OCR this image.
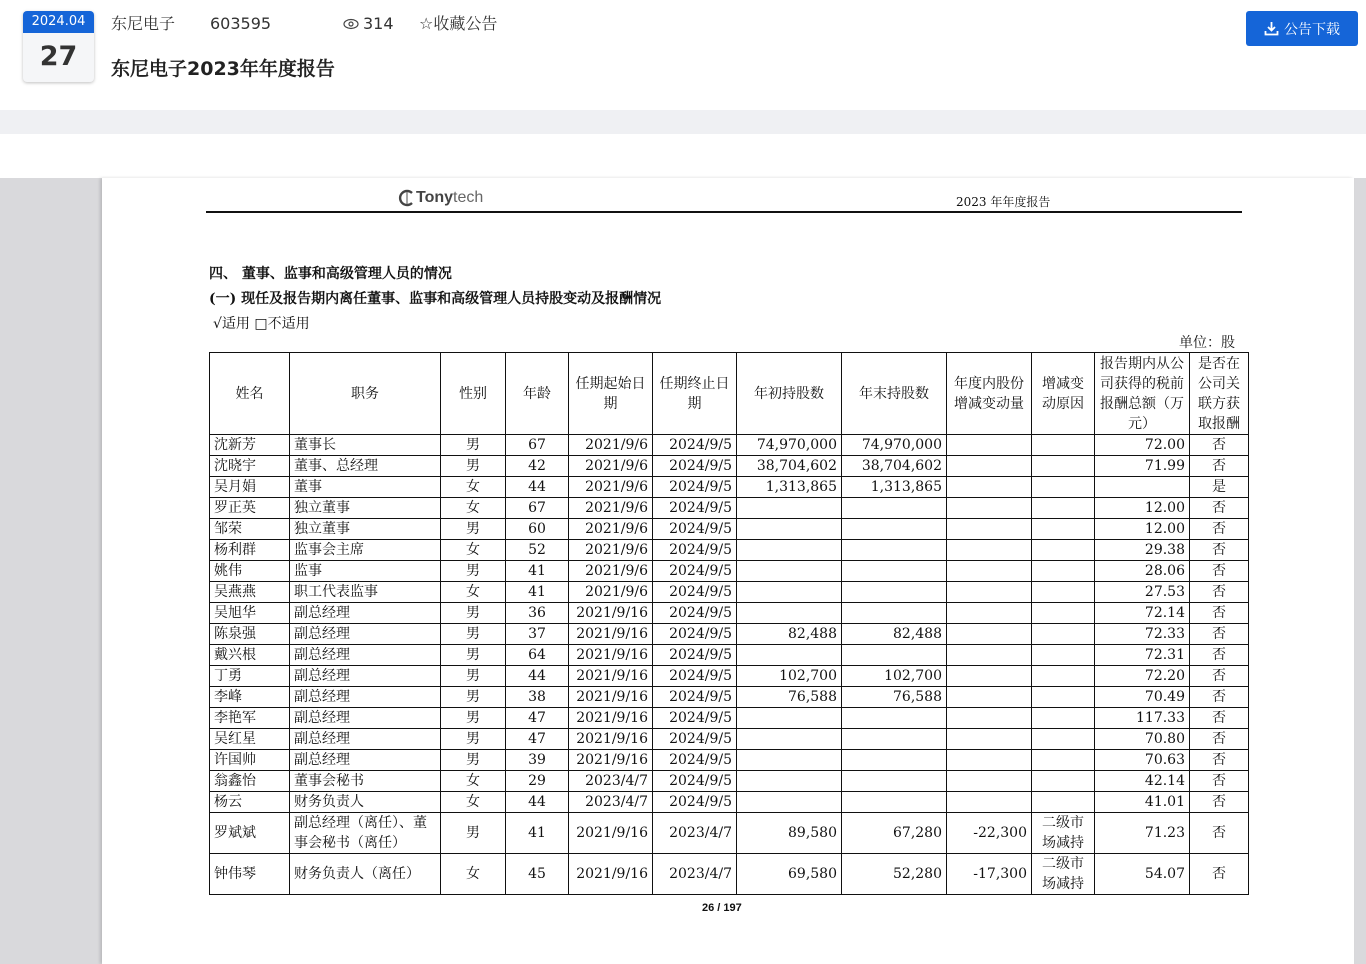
2024.04
27
东尼电子 603595	314 ☆收藏公告
东尼电子2023年年度报告
公告下载
Tony tech	2023 年年度报告
四、 董事、监事和高级管理人员的情况
(一) 现任及报告期内离任董事、监事和高级管理人员持股变动及报酬情况
√适用 □不适用
单位：股
姓名	职务	性别	年龄	任期起始日期	任期终止日期	年初持股数	年末持股数	年度内股份增减变动量	增减变动原因	报告期内从公司获得的税前报酬总额（万元）	是否在公司关联方获取报酬
沈新芳	董事长	男	67	2021/9/6	2024/9/5	74,970,000	74,970,000			72.00	否
沈晓宇	董事、总经理	男	42	2021/9/6	2024/9/5	38,704,602	38,704,602			71.99	否
吴月娟	董事	女	44	2021/9/6	2024/9/5	1,313,865	1,313,865				是
罗正英	独立董事	女	67	2021/9/6	2024/9/5					12.00	否
邹荣	独立董事	男	60	2021/9/6	2024/9/5					12.00	否
杨利群	监事会主席	女	52	2021/9/6	2024/9/5					29.38	否
姚伟	监事	男	41	2021/9/6	2024/9/5					28.06	否
吴燕燕	职工代表监事	女	41	2021/9/6	2024/9/5					27.53	否
吴旭华	副总经理	男	36	2021/9/16	2024/9/5					72.14	否
陈泉强	副总经理	男	37	2021/9/16	2024/9/5	82,488	82,488			72.33	否
戴兴根	副总经理	男	64	2021/9/16	2024/9/5					72.31	否
丁勇	副总经理	男	44	2021/9/16	2024/9/5	102,700	102,700			72.20	否
李峰	副总经理	男	38	2021/9/16	2024/9/5	76,588	76,588			70.49	否
李艳军	副总经理	男	47	2021/9/16	2024/9/5					117.33	否
吴红星	副总经理	男	47	2021/9/16	2024/9/5					70.80	否
许国帅	副总经理	男	39	2021/9/16	2024/9/5					70.63	否
翁鑫怡	董事会秘书	女	29	2023/4/7	2024/9/5					42.14	否
杨云	财务负责人	女	44	2023/4/7	2024/9/5					41.01	否
罗斌斌	副总经理（离任）、董事会秘书（离任）	男	41	2021/9/16	2023/4/7	89,580	67,280	-22,300	二级市场减持	71.23	否
钟伟琴	财务负责人（离任）	女	45	2021/9/16	2023/4/7	69,580	52,280	-17,300	二级市场减持	54.07	否
26 / 197
